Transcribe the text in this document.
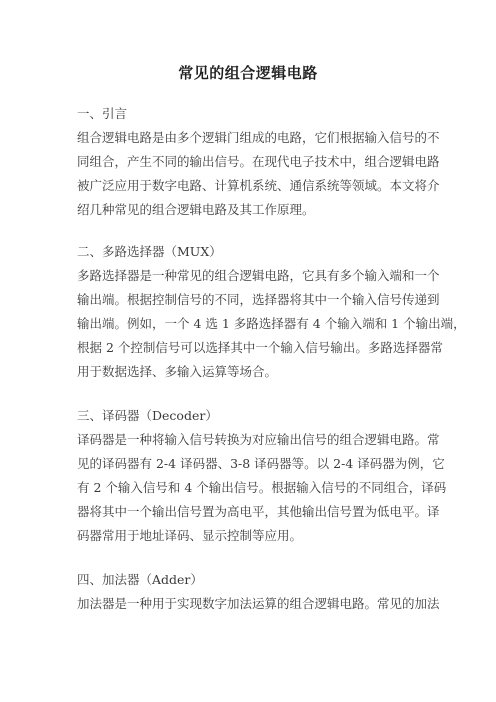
常见的组合逻辑电路
一、引言

组合逻辑电路是由多个逻辑门组成的电路，它们根据输入信号的不
同组合，产生不同的输出信号。在现代电子技术中，组合逻辑电路
被广泛应用于数字电路、计算机系统、通信系统等领域。本文将介
绍几种常见的组合逻辑电路及其工作原理。

二、多路选择器（MUX）

多路选择器是一种常见的组合逻辑电路，它具有多个输入端和一个
输出端。根据控制信号的不同，选择器将其中一个输入信号传递到
输出端。例如，一个 4 选 1 多路选择器有 4 个输入端和 1 个输出端，
根据 2 个控制信号可以选择其中一个输入信号输出。多路选择器常
用于数据选择、多输入运算等场合。

三、译码器（Decoder）

译码器是一种将输入信号转换为对应输出信号的组合逻辑电路。常
见的译码器有 2-4 译码器、3-8 译码器等。以 2-4 译码器为例，它
有 2 个输入信号和 4 个输出信号。根据输入信号的不同组合，译码
器将其中一个输出信号置为高电平，其他输出信号置为低电平。译
码器常用于地址译码、显示控制等应用。

四、加法器（Adder）

加法器是一种用于实现数字加法运算的组合逻辑电路。常见的加法
